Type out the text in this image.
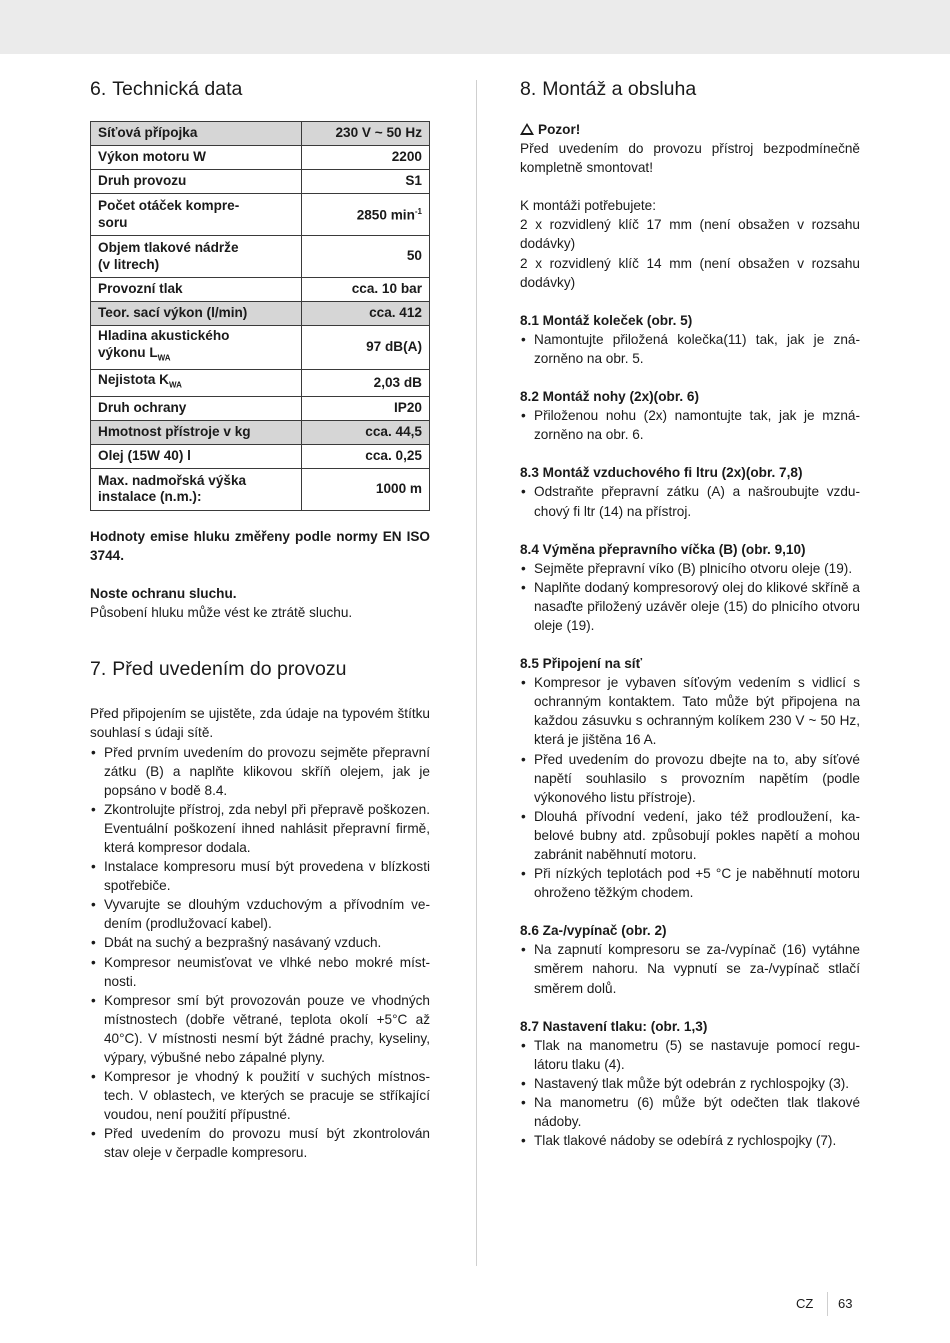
6. Technická data
Síťová přípojka	230 V ~ 50 Hz
Výkon motoru W	2200
Druh provozu	S1
Počet otáček kompre-
soru	2850 $\min^{-1}$
Objem tlakové nádrže
(v litrech)	50
Provozní tlak	cca. 10 bar
Teor. sací výkon (l/min)	cca. 412
Hladina akustického
výkonu $L_{WA}$	97 dB(A)
Nejistota $K_{WA}$	2,03 dB
Druh ochrany	IP20
Hmotnost přístroje v kg	cca. 44,5
Olej (15W 40) l	cca. 0,25
Max. nadmořská výška
instalace (n.m.):	1000 m

Hodnoty emise hluku změřeny podle normy EN ISO 3744.

Noste ochranu sluchu.

Působení hluku může vést ke ztrátě sluchu.

7. Před uvedením do provozu

Před připojením se ujistěte, zda údaje na typovém štítku souhlasí s údaji sítě.

• Před prvním uvedením do provozu sejměte přepravní zátku (B) a naplňte klikovou skříň olejem, jak je popsáno v bodě 8.4.
• Zkontrolujte přístroj, zda nebyl při přepravě poškozen. Eventuální poškození ihned nahlásit přepravní firmě, která kompresor dodala.
• Instalace kompresoru musí být provedena v blízkosti spotřebiče.
• Vyvarujte se dlouhým vzduchovým a přívodním vedením (prodlužovací kabel).
• Dbát na suchý a bezprašný nasávaný vzduch.
• Kompresor neumisťovat ve vlhké nebo mokré místnosti.
• Kompresor smí být provozován pouze ve vhodných místnostech (dobře větrané, teplota okolí +5°C až 40°C). V místnosti nesmí být žádné prachy, kyseliny, výpary, výbušné nebo zápalné plyny.
• Kompresor je vhodný k použití v suchých místnostech. V oblastech, ve kterých se pracuje se stříkající voudou, není použití přípustné.
• Před uvedením do provozu musí být zkontrolován stav oleje v čerpadle kompresoru.
8. Montáž a obsluha

Pozor!

Před uvedením do provozu přístroj bezpodmínečně kompletně smontovat!

K montáži potřebujete:

2 x rozvidlený klíč 17 mm (není obsažen v rozsahu dodávky)

2 x rozvidlený klíč 14 mm (není obsažen v rozsahu dodávky)

8.1 Montáž koleček (obr. 5)

• Namontujte přiložená kolečka(11) tak, jak je znázorněno na obr. 5.

8.2 Montáž nohy (2x)(obr. 6)

• Přiloženou nohu (2x) namontujte tak, jak je mznázorněno na obr. 6.

8.3 Montáž vzduchového fi ltru (2x)(obr. 7,8)

• Odstraňte přepravní zátku (A) a našroubujte vzduchový fi ltr (14) na přístroj.

8.4 Výměna přepravního víčka (B) (obr. 9,10)

• Sejměte přepravní víko (B) plnicího otvoru oleje (19).
• Naplňte dodaný kompresorový olej do klikové skříně a nasaďte přiložený uzávěr oleje (15) do plnicího otvoru oleje (19).

8.5 Připojení na síť

• Kompresor je vybaven síťovým vedením s vidlicí s ochranným kontaktem. Tato může být připojena na každou zásuvku s ochranným kolíkem 230 V ~ 50 Hz, která je jištěna 16 A.
• Před uvedením do provozu dbejte na to, aby síťové napětí souhlasilo s provozním napětím (podle výkonového listu přístroje).
• Dlouhá přívodní vedení, jako též prodloužení, kabelové bubny atd. způsobují pokles napětí a mohou zabránit naběhnutí motoru.
• Při nízkých teplotách pod +5 °C je naběhnutí motoru ohroženo těžkým chodem.

8.6 Za-/vypínač (obr. 2)

• Na zapnutí kompresoru se za-/vypínač (16) vytáhne směrem nahoru. Na vypnutí se za-/vypínač stlačí směrem dolů.

8.7 Nastavení tlaku: (obr. 1,3)

• Tlak na manometru (5) se nastavuje pomocí regulátoru tlaku (4).
• Nastavený tlak může být odebrán z rychlospojky (3).
• Na manometru (6) může být odečten tlak tlakové nádoby.
• Tlak tlakové nádoby se odebírá z rychlospojky (7).
CZ 63
